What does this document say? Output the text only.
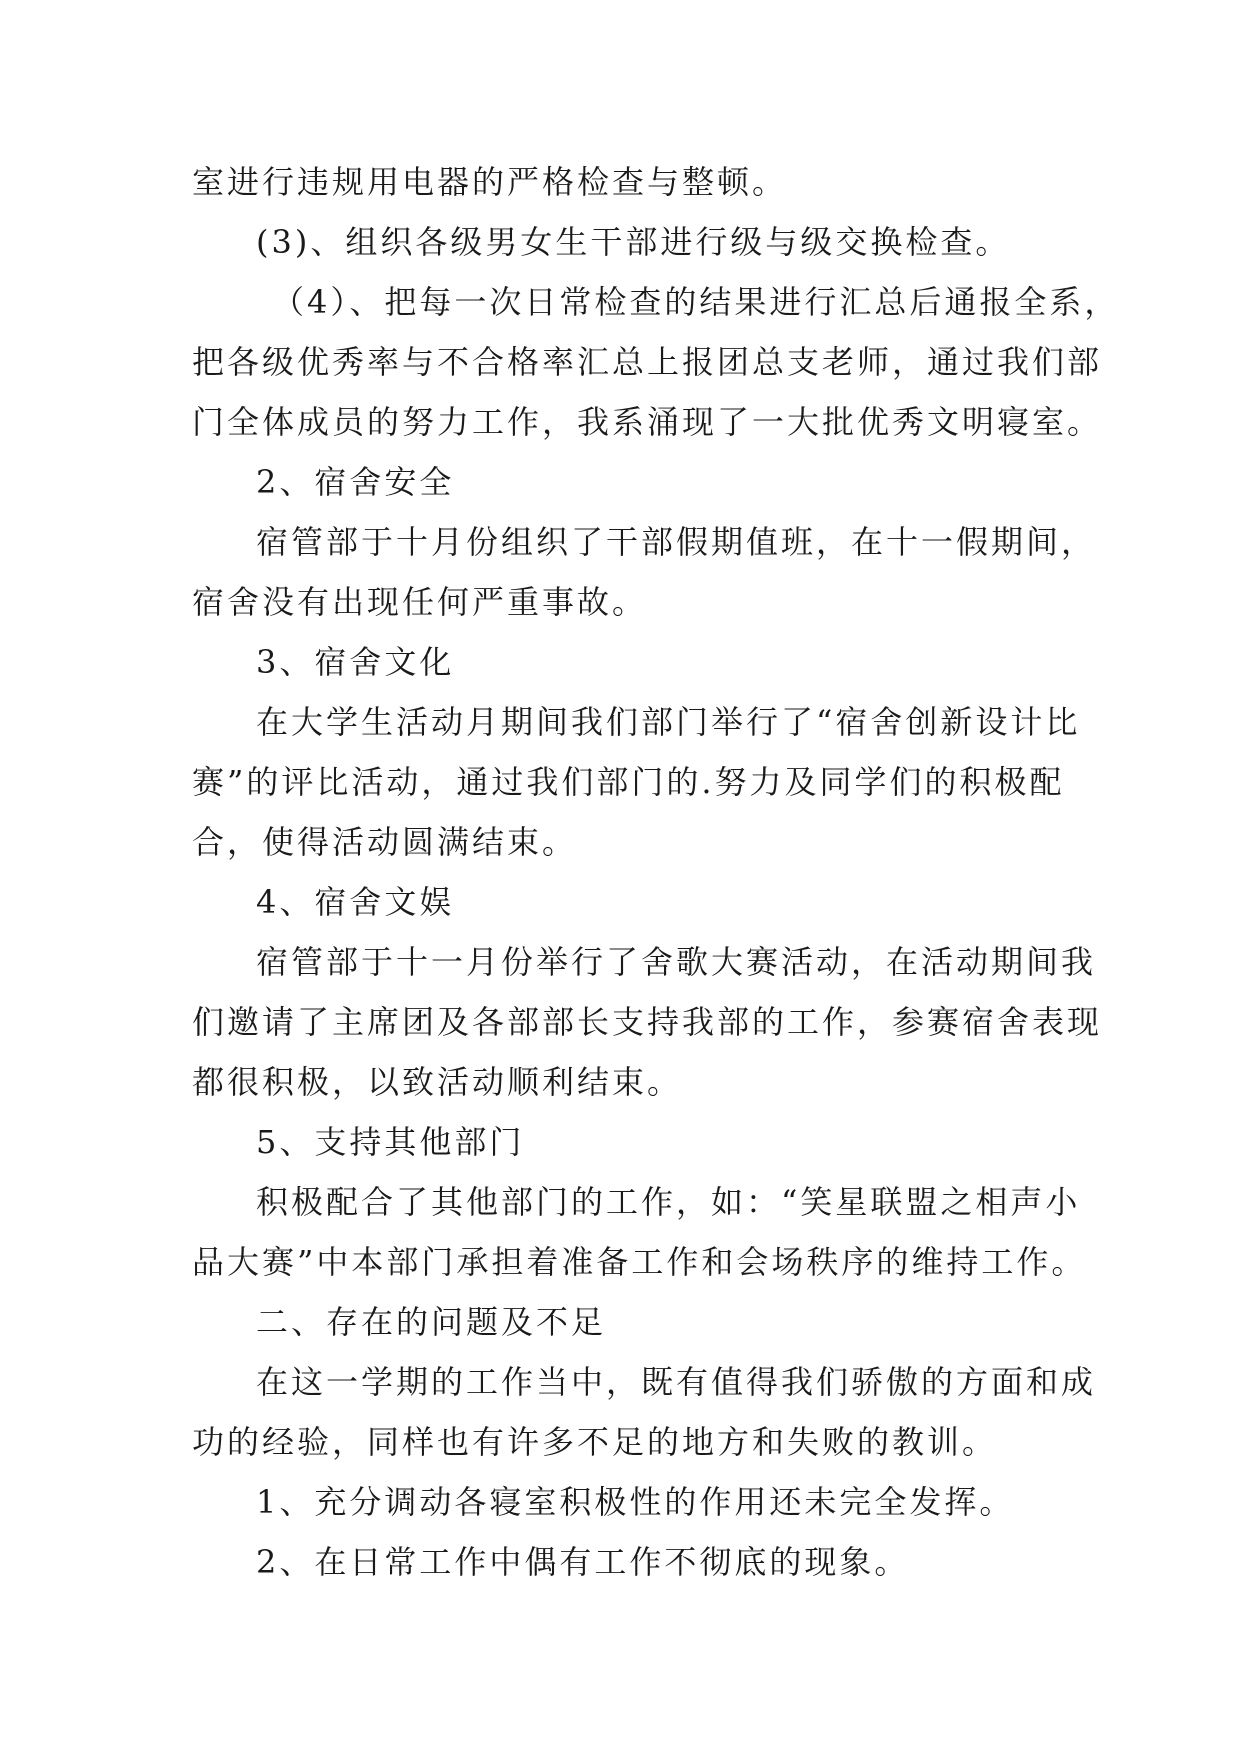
室进行违规用电器的严格检查与整顿。
(3)、组织各级男女生干部进行级与级交换检查。
（4）、把每一次日常检查的结果进行汇总后通报全系，
把各级优秀率与不合格率汇总上报团总支老师，通过我们部
门全体成员的努力工作，我系涌现了一大批优秀文明寝室。
2、宿舍安全
宿管部于十月份组织了干部假期值班，在十一假期间，
宿舍没有出现任何严重事故。
3、宿舍文化
在大学生活动月期间我们部门举行了“宿舍创新设计比
赛”的评比活动，通过我们部门的.努力及同学们的积极配
合，使得活动圆满结束。
4、宿舍文娱
宿管部于十一月份举行了舍歌大赛活动，在活动期间我
们邀请了主席团及各部部长支持我部的工作，参赛宿舍表现
都很积极，以致活动顺利结束。
5、支持其他部门
积极配合了其他部门的工作，如：“笑星联盟之相声小
品大赛”中本部门承担着准备工作和会场秩序的维持工作。
二、存在的问题及不足
在这一学期的工作当中，既有值得我们骄傲的方面和成
功的经验，同样也有许多不足的地方和失败的教训。
1、充分调动各寝室积极性的作用还未完全发挥。
2、在日常工作中偶有工作不彻底的现象。
